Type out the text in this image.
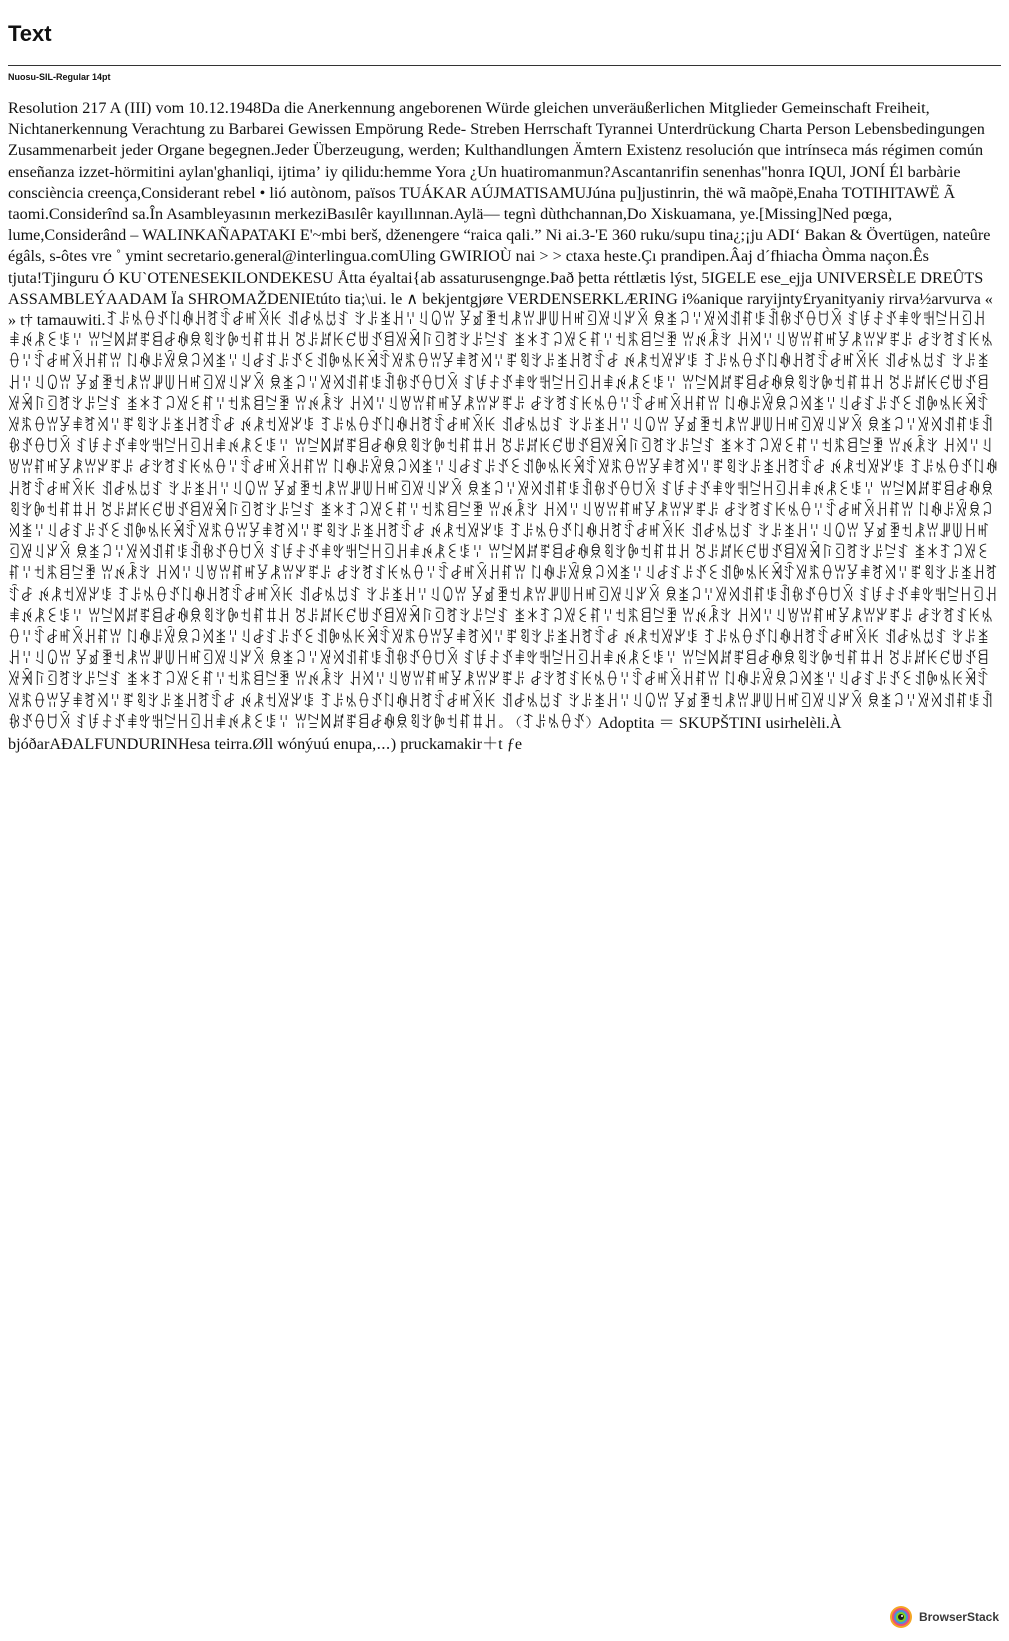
Text
Nuosu-SIL-Regular 14pt
Resolution 217 A (III) vom 10.12.1948Da die Anerkennung angeborenen Würde gleichen unveräußerlichen Mitglieder Gemeinschaft Freiheit, Nichtanerkennung Verachtung zu Barbarei Gewissen Empörung Rede- Streben Herrschaft Tyrannei Unterdrückung Charta Person Lebensbedingungen Zusammenarbeit jeder Organe begegnen.Jeder Überzeugung, werden; Kulthandlungen Ämtern Existenz resolución que intrínseca más régimen común enseñanza izzet-hörmitini aylan'ghanliqi, ijtimaʼ iy qilidu:hemme Yora ¿Un huatiromanmun?Ascantanrifin senenhas"honra IQUl, JONÍ Él barbàrie consciència creença,Considerant rebel • lió autònom, països TUÁKAR AÚJMATISAMUJúna pu]justinrin, thë wã maõpë,Enaha TOTIHITAWË Ã taomi.Considerînd sa.În Asambleyasının merkeziBasılêr kayıllınnan.Aylä— tegnì dùthchannan,Do Xiskuamana, ye.[Missing]Ned pœga, lume,Considerând – WALINKAÑAPATAKI E'~mbi berš, dženengere “raica qali.” Ni ai.3-'E 360 ruku/supu tina¿;¡ju ADIʻ Bakan & Övertügen, nateûre égâls, s-ôtes vre ˚ ymint secretario.general@interlingua.comUling GWIRIOÙ nai > > ctaxa heste.Çı prandipen.Âaj d´fhiacha Òmma naçon.Ês tjuta!Tjinguru Ó KU`OTENESEKILONDEKESU Åtta éyaltai{ab assaturusengnge.Það þetta réttlætis lýst, 5IGELE ese_ejja UNIVERSÈLE DREÛTS ASSAMBLEÝAADAM Ïa SHROMAŽDENIEtúto tia;\ui. le ∧ bekjentgjøre VERDENSERKLÆRING i%anique raryijnty£ryanityaniy rirva½arvurva « » t† tamauwiti.ꆈꌠꁱꂷꀋꇁꊿꃅꐛꄷꆀꎭꋋꀘ ꀊꆀꁱꀠꆏ ꇬꌠꁧꃅꈌꆹꐎꀕ ꐯꀃꄿꉬꂿꀕꎼꅐꀿꎭꄡꑟꆹꏃꋋ ꌋꁧꃀꈌꑟꄉꀊꐥꌐꀉꁆꀋꂷꇴꋋ ꆏꀱꄐꀋꑌꃰꅿꊂꀿꄡꃅꑌꉌꂿꏂꌐꈌ ꀕꊂꉙꏦꍶꁌꆀꊿꌋꑠꇬꐊꉬꐥꐚꃅ ꍸꌠꏦꀘꑿꁁꀋꁌꑟꈀꑍꄡꐛꇬꌠꊂꆏ ꁧꁘꆈꃀꑟꏂꐥꈌꉬꊋꁌꊂꄿ ꀕꉌꂾꇬ ꃅꄉꈌꆹꇐꀕꐥꎭꐯꂿꀕꏃꍶꌠ ꆀꇬꐛꆏꀘꁱꂷꈌꄷꆀꎭꋋꃅꐥꀕ ꇁꊿꌠꑞꌋꃀꄉꁧꈌꆹꆀꆏꌠꀋꏂꀊꐊꁱꀘꈀꄷꑟꊋꂷꀕꐯꑌꐛꄉꈌꍶꑠꇬꌠꁧꃅꐛꄷꆀ ꉌꂿꉬꑟꏃꌐ ꆈꌠꁱꂷꀋꇁꊿꃅꐛꄷꆀꎭꋋꀘ ꀊꆀꁱꀠꆏ ꇬꌠꁧꃅꈌꆹꐎꀕ ꐯꀃꄿꉬꂿꀕꎼꅐꀿꎭꄡꑟꆹꏃꋋ ꌋꁧꃀꈌꑟꄉꀊꐥꌐꀉꁆꀋꂷꇴꋋ ꆏꀱꄐꀋꑌꃰꅿꊂꀿꄡꃅꑌꉌꂿꏂꌐꈌ ꀕꊂꉙꏦꍶꁌꆀꊿꌋꑠꇬꐊꉬꐥꐚꃅ ꍸꌠꏦꀘꑿꁁꀋꁌꑟꈀꑍꄡꐛꇬꌠꊂꆏ ꁧꁘꆈꃀꑟꏂꐥꈌꉬꊋꁌꊂꄿ ꀕꉌꂾꇬ ꃅꄉꈌꆹꇐꀕꐥꎭꐯꂿꀕꏃꍶꌠ ꆀꇬꐛꆏꀘꁱꂷꈌꄷꆀꎭꋋꃅꐥꀕ ꇁꊿꌠꑞꌋꃀꄉꁧꈌꆹꆀꆏꌠꀋꏂꀊꐊꁱꀘꈀꄷꑟꊋꂷꀕꐯꑌꐛꄉꈌꍶꑠꇬꌠꁧꃅꐛꄷꆀ ꉌꂿꉬꑟꏃꌐ ꆈꌠꁱꂷꀋꇁꊿꃅꐛꄷꆀꎭꋋꀘ ꀊꆀꁱꀠꆏ ꇬꌠꁧꃅꈌꆹꐎꀕ ꐯꀃꄿꉬꂿꀕꎼꅐꀿꎭꄡꑟꆹꏃꋋ ꌋꁧꃀꈌꑟꄉꀊꐥꌐꀉꁆꀋꂷꇴꋋ ꆏꀱꄐꀋꑌꃰꅿꊂꀿꄡꃅꑌꉌꂿꏂꌐꈌ ꀕꊂꉙꏦꍶꁌꆀꊿꌋꑠꇬꐊꉬꐥꐚꃅ ꍸꌠꏦꀘꑿꁁꀋꁌꑟꈀꑍꄡꐛꇬꌠꊂꆏ ꁧꁘꆈꃀꑟꏂꐥꈌꉬꊋꁌꊂꄿ ꀕꉌꂾꇬ ꃅꄉꈌꆹꇐꀕꐥꎭꐯꂿꀕꏃꍶꌠ ꆀꇬꐛꆏꀘꁱꂷꈌꄷꆀꎭꋋꃅꐥꀕ ꇁꊿꌠꑞꌋꃀꄉꁧꈌꆹꆀꆏꌠꀋꏂꀊꐊꁱꀘꈀꄷꑟꊋꂷꀕꐯꑌꐛꄉꈌꍶꑠꇬꌠꁧꃅꐛꄷꆀ ꉌꂿꉬꑟꏃꌐ ꆈꌠꁱꂷꀋꇁꊿꃅꐛꄷꆀꎭꋋꀘ ꀊꆀꁱꀠꆏ ꇬꌠꁧꃅꈌꆹꐎꀕ ꐯꀃꄿꉬꂿꀕꎼꅐꀿꎭꄡꑟꆹꏃꋋ ꌋꁧꃀꈌꑟꄉꀊꐥꌐꀉꁆꀋꂷꇴꋋ ꆏꀱꄐꀋꑌꃰꅿꊂꀿꄡꃅꑌꉌꂿꏂꌐꈌ ꀕꊂꉙꏦꍶꁌꆀꊿꌋꑠꇬꐊꉬꐥꐚꃅ ꍸꌠꏦꀘꑿꁁꀋꁌꑟꈀꑍꄡꐛꇬꌠꊂꆏ ꁧꁘꆈꃀꑟꏂꐥꈌꉬꊋꁌꊂꄿ ꀕꉌꂾꇬ ꃅꄉꈌꆹꇐꀕꐥꎭꐯꂿꀕꏃꍶꌠ ꆀꇬꐛꆏꀘꁱꂷꈌꄷꆀꎭꋋꃅꐥꀕ ꇁꊿꌠꑞꌋꃀꄉꁧꈌꆹꆀꆏꌠꀋꏂꀊꐊꁱꀘꈀꄷꑟꊋꂷꀕꐯꑌꐛꄉꈌꍶꑠꇬꌠꁧꃅꐛꄷꆀ ꉌꂿꉬꑟꏃꌐ ꆈꌠꁱꂷꀋꇁꊿꃅꐛꄷꆀꎭꋋꀘ ꀊꆀꁱꀠꆏ ꇬꌠꁧꃅꈌꆹꐎꀕ ꐯꀃꄿꉬꂿꀕꎼꅐꀿꎭꄡꑟꆹꏃꋋ ꌋꁧꃀꈌꑟꄉꀊꐥꌐꀉꁆꀋꂷꇴꋋ ꆏꀱꄐꀋꑌꃰꅿꊂꀿꄡꃅꑌꉌꂿꏂꌐꈌ ꀕꊂꉙꏦꍶꁌꆀꊿꌋꑠꇬꐊꉬꐥꐚꃅ ꍸꌠꏦꀘꑿꁁꀋꁌꑟꈀꑍꄡꐛꇬꌠꊂꆏ ꁧꁘꆈꃀꑟꏂꐥꈌꉬꊋꁌꊂꄿ ꀕꉌꂾꇬ ꃅꄉꈌꆹꇐꀕꐥꎭꐯꂿꀕꏃꍶꌠ ꆀꇬꐛꆏꀘꁱꂷꈌꄷꆀꎭꋋꃅꐥꀕ ꇁꊿꌠꑞꌋꃀꄉꁧꈌꆹꆀꆏꌠꀋꏂꀊꐊꁱꀘꈀꄷꑟꊋꂷꀕꐯꑌꐛꄉꈌꍶꑠꇬꌠꁧꃅꐛꄷꆀ ꉌꂿꉬꑟꏃꌐ ꆈꌠꁱꂷꀋꇁꊿꃅꐛꄷꆀꎭꋋꀘ ꀊꆀꁱꀠꆏ ꇬꌠꁧꃅꈌꆹꐎꀕ ꐯꀃꄿꉬꂿꀕꎼꅐꀿꎭꄡꑟꆹꏃꋋ ꌋꁧꃀꈌꑟꄉꀊꐥꌐꀉꁆꀋꂷꇴꋋ ꆏꀱꄐꀋꑌꃰꅿꊂꀿꄡꃅꑌꉌꂿꏂꌐꈌ ꀕꊂꉙꏦꍶꁌꆀꊿꌋꑠꇬꐊꉬꐥꐚꃅ ꍸꌠꏦꀘꑿꁁꀋꁌꑟꈀꑍꄡꐛꇬꌠꊂꆏ ꁧꁘꆈꃀꑟꏂꐥꈌꉬꊋꁌꊂꄿ ꀕꉌꂾꇬ ꃅꄉꈌꆹꇐꀕꐥꎭꐯꂿꀕꏃꍶꌠ ꆀꇬꐛꆏꀘꁱꂷꈌꄷꆀꎭꋋꃅꐥꀕ ꇁꊿꌠꑞꌋꃀꄉꁧꈌꆹꆀꆏꌠꀋꏂꀊꐊꁱꀘꈀꄷꑟꊋꂷꀕꐯꑌꐛꄉꈌꍶꑠꇬꌠꁧꃅꐛꄷꆀ ꉌꂿꉬꑟꏃꌐ ꆈꌠꁱꂷꀋꇁꊿꃅꐛꄷꆀꎭꋋꀘ ꀊꆀꁱꀠꆏ ꇬꌠꁧꃅꈌꆹꐎꀕ ꐯꀃꄿꉬꂿꀕꎼꅐꀿꎭꄡꑟꆹꏃꋋ ꌋꁧꃀꈌꑟꄉꀊꐥꌐꀉꁆꀋꂷꇴꋋ ꆏꀱꄐꀋꑌꃰꅿꊂꀿꄡꃅꑌꉌꂿꏂꌐꈌ ꀕꊂꉙꏦꍶꁌꆀꊿꌋꑠꇬꐊꉬꐥꐚꃅ ꍸꌠꏦꀘꑿꁁꀋꁌꑟꈀꑍꄡꐛꇬꌠꊂꆏ ꁧꁘꆈꃀꑟꏂꐥꈌꉬꊋꁌꊂꄿ ꀕꉌꂾꇬ ꃅꄉꈌꆹꇐꀕꐥꎭꐯꂿꀕꏃꍶꌠ ꆀꇬꐛꆏꀘꁱꂷꈌꄷꆀꎭꋋꃅꐥꀕ ꇁꊿꌠꑞꌋꃀꄉꁧꈌꆹꆀꆏꌠꀋꏂꀊꐊꁱꀘꈀꄷꑟꊋꂷꀕꐯꑌꐛꄉꈌꍶꑠꇬꌠꁧꃅꐛꄷꆀ ꉌꂿꉬꑟꏃꌐ ꆈꌠꁱꂷꀋꇁꊿꃅꐛꄷꆀꎭꋋꀘ ꀊꆀꁱꀠꆏ ꇬꌠꁧꃅꈌꆹꐎꀕ ꐯꀃꄿꉬꂿꀕꎼꅐꀿꎭꄡꑟꆹꏃꋋ ꌋꁧꃀꈌꑟꄉꀊꐥꌐꀉꁆꀋꂷꇴꋋ ꆏꀱꄐꀋꑌꃰꅿꊂꀿꄡꃅꑌꉌꂿꏂꌐꈌ ꀕꊂꉙꏦꍶꁌꆀꊿꌋꑠꇬꐊꉬꐥꐚꃅ。（ꆈꌠꁱꂷꀋ）Adoptita ＝ SKUPŠTINI usirhelèli.À bjóðarAÐALFUNDURINHesa teirra.Øll wónýuú enupa,⋯) pruckamakir＋t ƒe
BrowserStack
